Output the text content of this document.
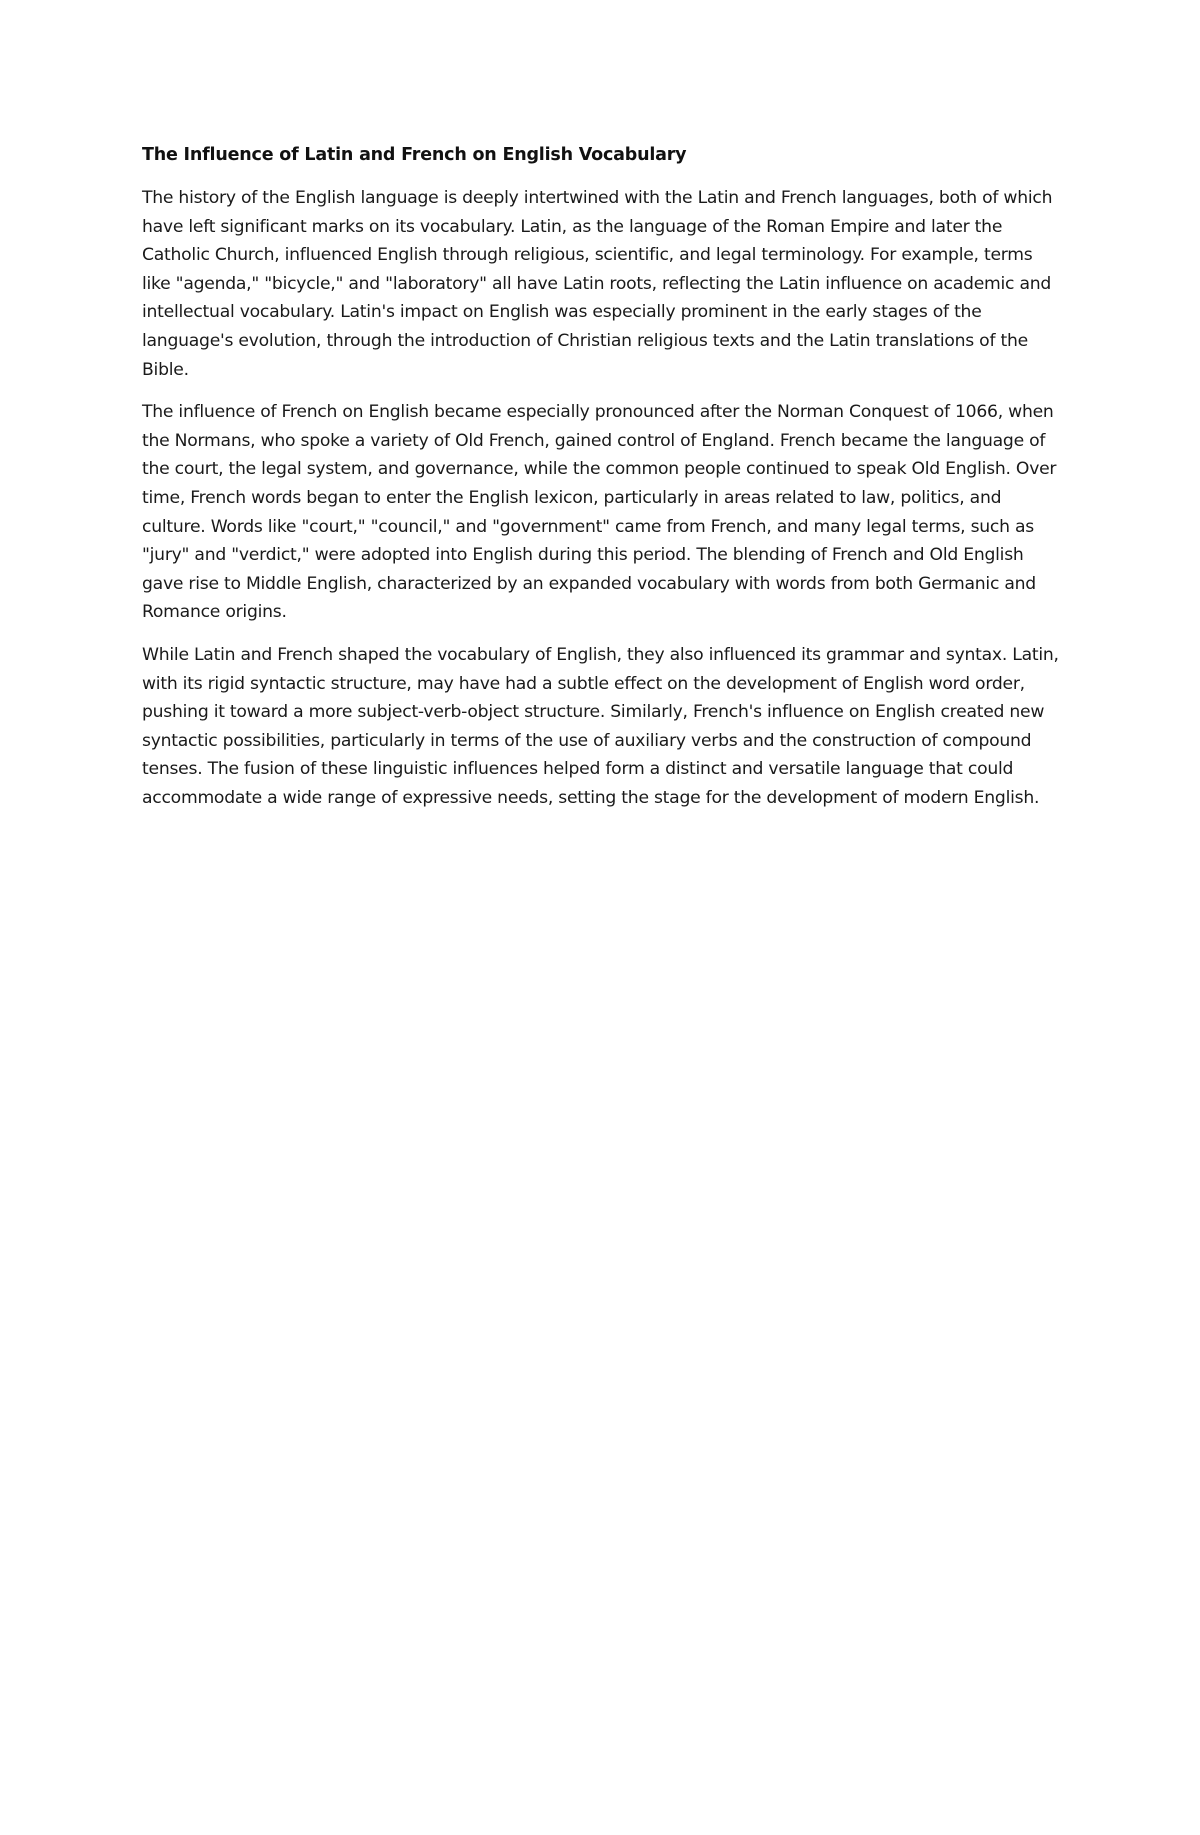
The Influence of Latin and French on English Vocabulary

The history of the English language is deeply intertwined with the Latin and French languages, both of which have left significant marks on its vocabulary. Latin, as the language of the Roman Empire and later the Catholic Church, influenced English through religious, scientific, and legal terminology. For example, terms like "agenda," "bicycle," and "laboratory" all have Latin roots, reflecting the Latin influence on academic and intellectual vocabulary. Latin's impact on English was especially prominent in the early stages of the language's evolution, through the introduction of Christian religious texts and the Latin translations of the Bible.

The influence of French on English became especially pronounced after the Norman Conquest of 1066, when the Normans, who spoke a variety of Old French, gained control of England. French became the language of the court, the legal system, and governance, while the common people continued to speak Old English. Over time, French words began to enter the English lexicon, particularly in areas related to law, politics, and culture. Words like "court," "council," and "government" came from French, and many legal terms, such as "jury" and "verdict," were adopted into English during this period. The blending of French and Old English gave rise to Middle English, characterized by an expanded vocabulary with words from both Germanic and Romance origins.

While Latin and French shaped the vocabulary of English, they also influenced its grammar and syntax. Latin, with its rigid syntactic structure, may have had a subtle effect on the development of English word order, pushing it toward a more subject-verb-object structure. Similarly, French's influence on English created new syntactic possibilities, particularly in terms of the use of auxiliary verbs and the construction of compound tenses. The fusion of these linguistic influences helped form a distinct and versatile language that could accommodate a wide range of expressive needs, setting the stage for the development of modern English.
